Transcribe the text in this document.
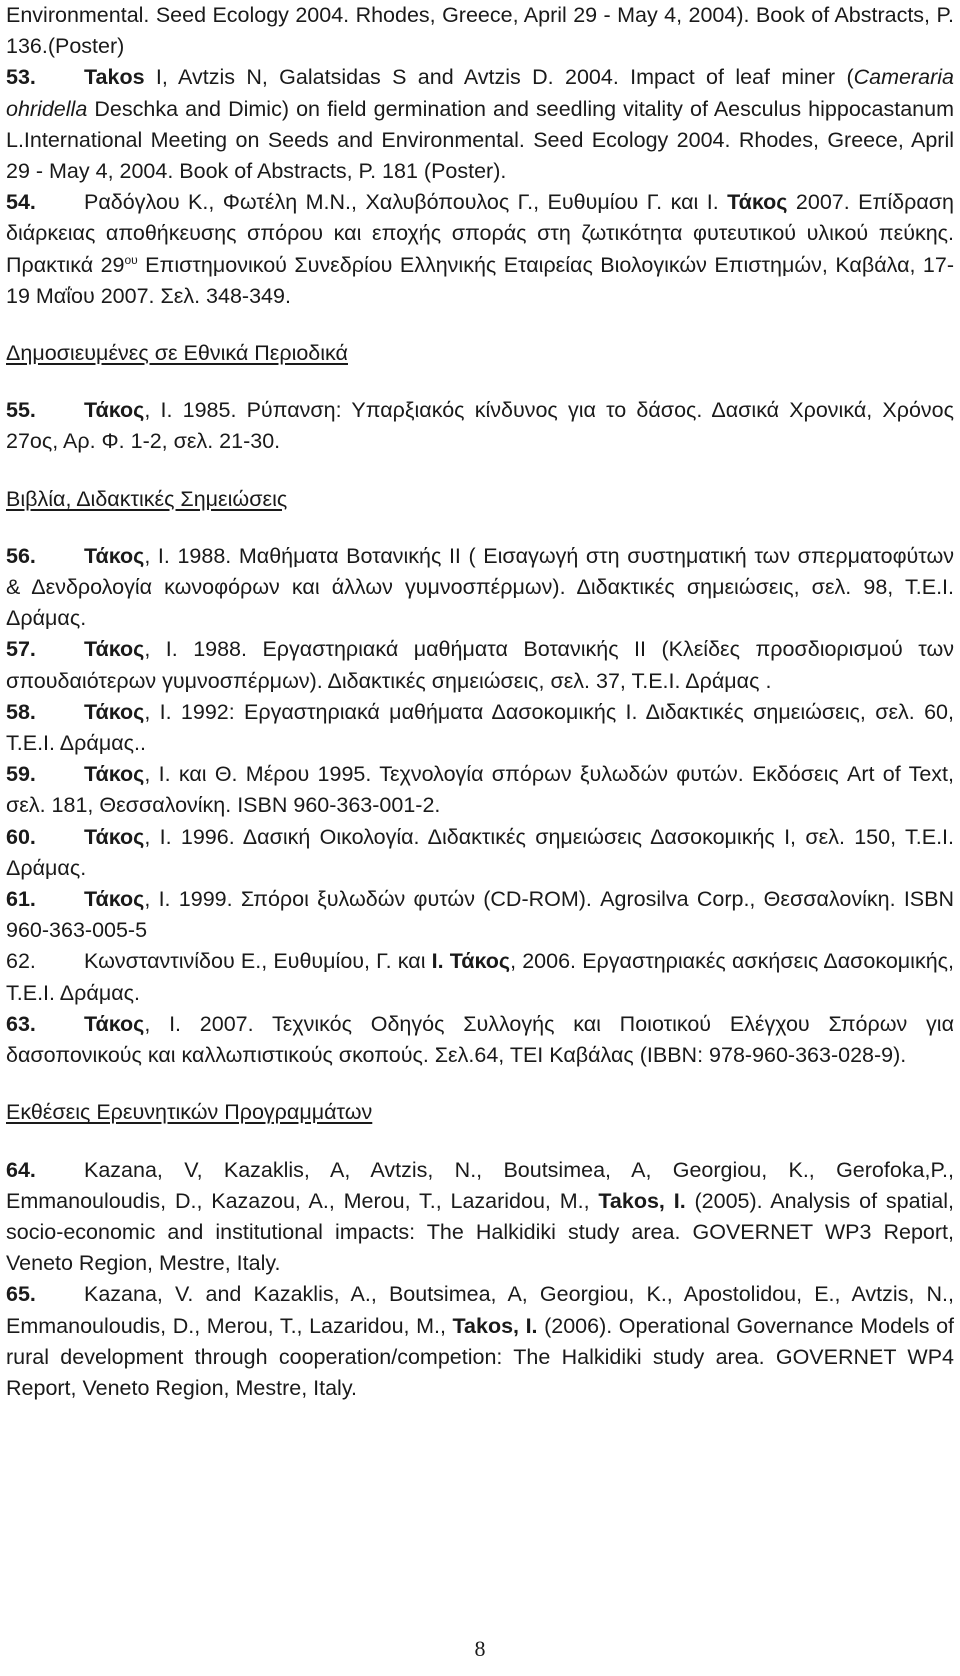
Environmental. Seed Ecology 2004. Rhodes, Greece, April 29 - May 4, 2004). Book of Abstracts, P. 136.(Poster)

53. Takos I, Avtzis N, Galatsidas S and Avtzis D. 2004. Impact of leaf miner (Cameraria ohridella Deschka and Dimic) on field germination and seedling vitality of Aesculus hippocastanum L.International Meeting on Seeds and Environmental. Seed Ecology 2004. Rhodes, Greece, April 29 - May 4, 2004. Book of Abstracts, P. 181 (Poster).

54. Ραδόγλου Κ., Φωτέλη Μ.Ν., Χαλυβόπουλος Γ., Ευθυμίου Γ. και Ι. Τάκος 2007. Επίδραση διάρκειας αποθήκευσης σπόρου και εποχής σποράς στη ζωτικότητα φυτευτικού υλικού πεύκης. Πρακτικά $29^{o\upsilon}$ Επιστημονικού Συνεδρίου Ελληνικής Εταιρείας Βιολογικών Επιστημών, Καβάλα, 17-19 Μαΐου 2007. Σελ. 348-349.

Δημοσιευμένες σε Εθνικά Περιοδικά

55. Τάκος, Ι. 1985. Ρύπανση: Υπαρξιακός κίνδυνος για το δάσος. Δασικά Χρονικά, Χρόνος 27ος, Αρ. Φ. 1-2, σελ. 21-30.

Βιβλία, Διδακτικές Σημειώσεις

56. Τάκος, Ι. 1988. Μαθήματα Βοτανικής ΙΙ ( Εισαγωγή στη συστηματική των σπερματοφύτων & Δενδρολογία κωνοφόρων και άλλων γυμνοσπέρμων). Διδακτικές σημειώσεις, σελ. 98, Τ.Ε.Ι. Δράμας.

57. Τάκος, Ι. 1988. Εργαστηριακά μαθήματα Βοτανικής ΙΙ (Κλείδες προσδιορισμού των σπουδαιότερων γυμνοσπέρμων). Διδακτικές σημειώσεις, σελ. 37, Τ.Ε.Ι. Δράμας .

58. Τάκος, Ι. 1992: Εργαστηριακά μαθήματα Δασοκομικής Ι. Διδακτικές σημειώσεις, σελ. 60, Τ.Ε.Ι. Δράμας..

59. Τάκος, Ι. και Θ. Μέρου 1995. Τεχνολογία σπόρων ξυλωδών φυτών. Εκδόσεις Art of Text, σελ. 181, Θεσσαλονίκη. ISBN 960-363-001-2.

60. Τάκος, Ι. 1996. Δασική Οικολογία. Διδακτικές σημειώσεις Δασοκομικής Ι, σελ. 150, Τ.Ε.Ι. Δράμας.

61. Τάκος, Ι. 1999. Σπόροι ξυλωδών φυτών (CD-ROM). Agrosilva Corp., Θεσσαλονίκη. ISBN 960-363-005-5

62. Κωνσταντινίδου Ε., Ευθυμίου, Γ. και Ι. Τάκος, 2006. Εργαστηριακές ασκήσεις Δασοκομικής, Τ.Ε.Ι. Δράμας.

63. Τάκος, Ι. 2007. Τεχνικός Οδηγός Συλλογής και Ποιοτικού Ελέγχου Σπόρων για δασοπονικούς και καλλωπιστικούς σκοπούς. Σελ.64, ΤΕΙ Καβάλας (IBBN: 978-960-363-028-9).

Εκθέσεις Ερευνητικών Προγραμμάτων

64. Kazana, V, Kazaklis, A, Avtzis, N., Boutsimea, A, Georgiou, K., Gerofoka,P., Emmanouloudis, D., Kazazou, A., Merou, T., Lazaridou, M., Takos, I. (2005). Analysis of spatial, socio-economic and institutional impacts: The Halkidiki study area. GOVERNET WP3 Report, Veneto Region, Mestre, Italy.

65. Kazana, V. and Kazaklis, A., Boutsimea, A, Georgiou, K., Apostolidou, E., Avtzis, N., Emmanouloudis, D., Merou, T., Lazaridou, M., Takos, I. (2006). Operational Governance Models of rural development through cooperation/competion: The Halkidiki study area. GOVERNET WP4 Report, Veneto Region, Mestre, Italy.

8
